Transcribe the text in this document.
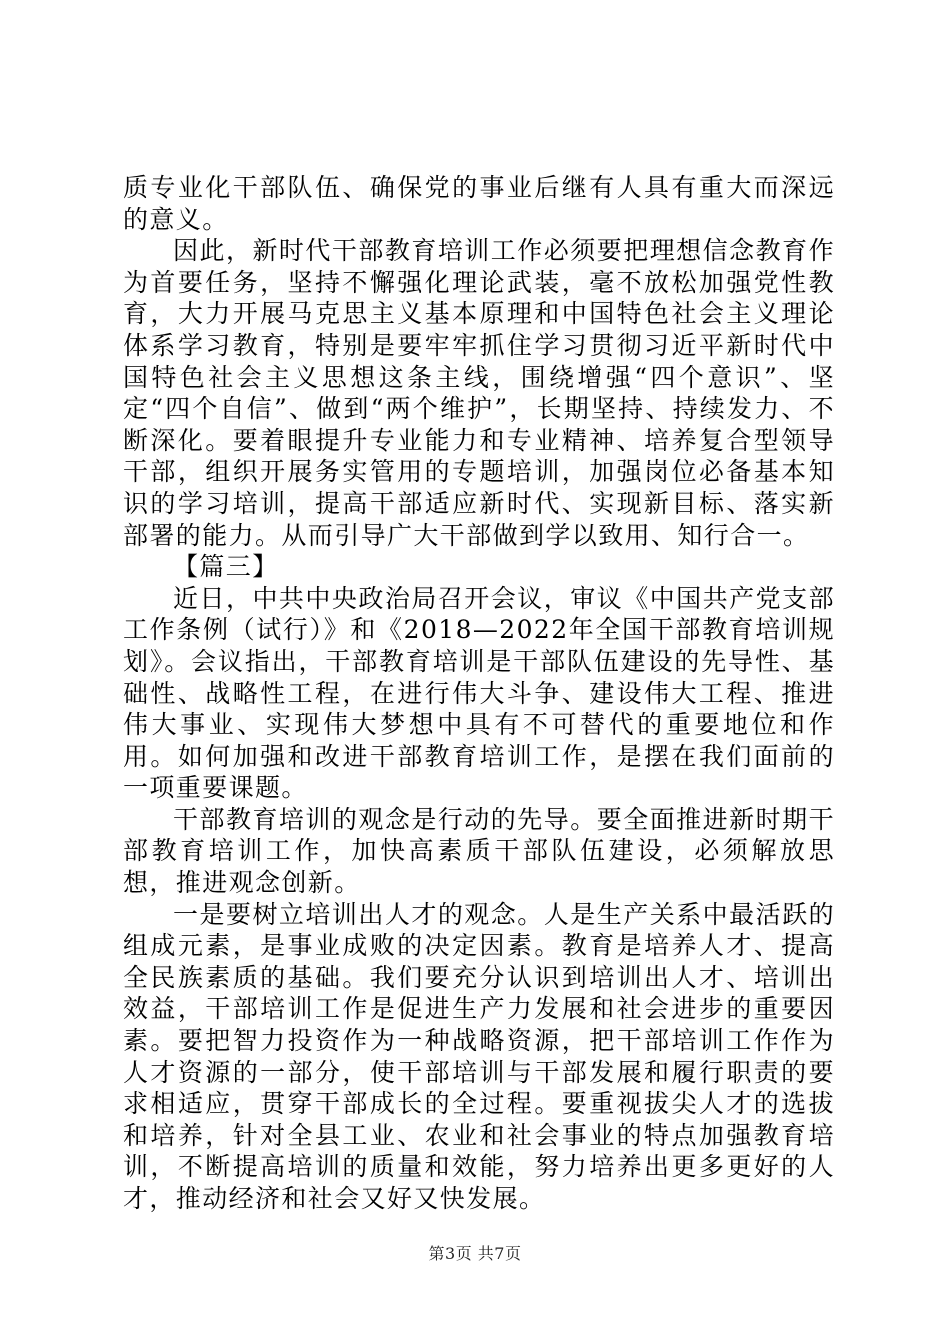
质专业化干部队伍、确保党的事业后继有人具有重大而深远的意义。

因此，新时代干部教育培训工作必须要把理想信念教育作为首要任务，坚持不懈强化理论武装，毫不放松加强党性教育，大力开展马克思主义基本原理和中国特色社会主义理论体系学习教育，特别是要牢牢抓住学习贯彻习近平新时代中国特色社会主义思想这条主线，围绕增强“四个意识”、坚定“四个自信”、做到“两个维护”，长期坚持、持续发力、不断深化。要着眼提升专业能力和专业精神、培养复合型领导干部，组织开展务实管用的专题培训，加强岗位必备基本知识的学习培训，提高干部适应新时代、实现新目标、落实新部署的能力。从而引导广大干部做到学以致用、知行合一。

【篇三】

近日，中共中央政治局召开会议，审议《中国共产党支部工作条例（试行）》和《2018—2022年全国干部教育培训规划》。会议指出，干部教育培训是干部队伍建设的先导性、基础性、战略性工程，在进行伟大斗争、建设伟大工程、推进伟大事业、实现伟大梦想中具有不可替代的重要地位和作用。如何加强和改进干部教育培训工作，是摆在我们面前的一项重要课题。

干部教育培训的观念是行动的先导。要全面推进新时期干部教育培训工作，加快高素质干部队伍建设，必须解放思想，推进观念创新。

一是要树立培训出人才的观念。人是生产关系中最活跃的组成元素，是事业成败的决定因素。教育是培养人才、提高全民族素质的基础。我们要充分认识到培训出人才、培训出效益，干部培训工作是促进生产力发展和社会进步的重要因素。要把智力投资作为一种战略资源，把干部培训工作作为人才资源的一部分，使干部培训与干部发展和履行职责的要求相适应，贯穿干部成长的全过程。要重视拔尖人才的选拔和培养，针对全县工业、农业和社会事业的特点加强教育培训，不断提高培训的质量和效能，努力培养出更多更好的人才，推动经济和社会又好又快发展。

第3页 共7页
